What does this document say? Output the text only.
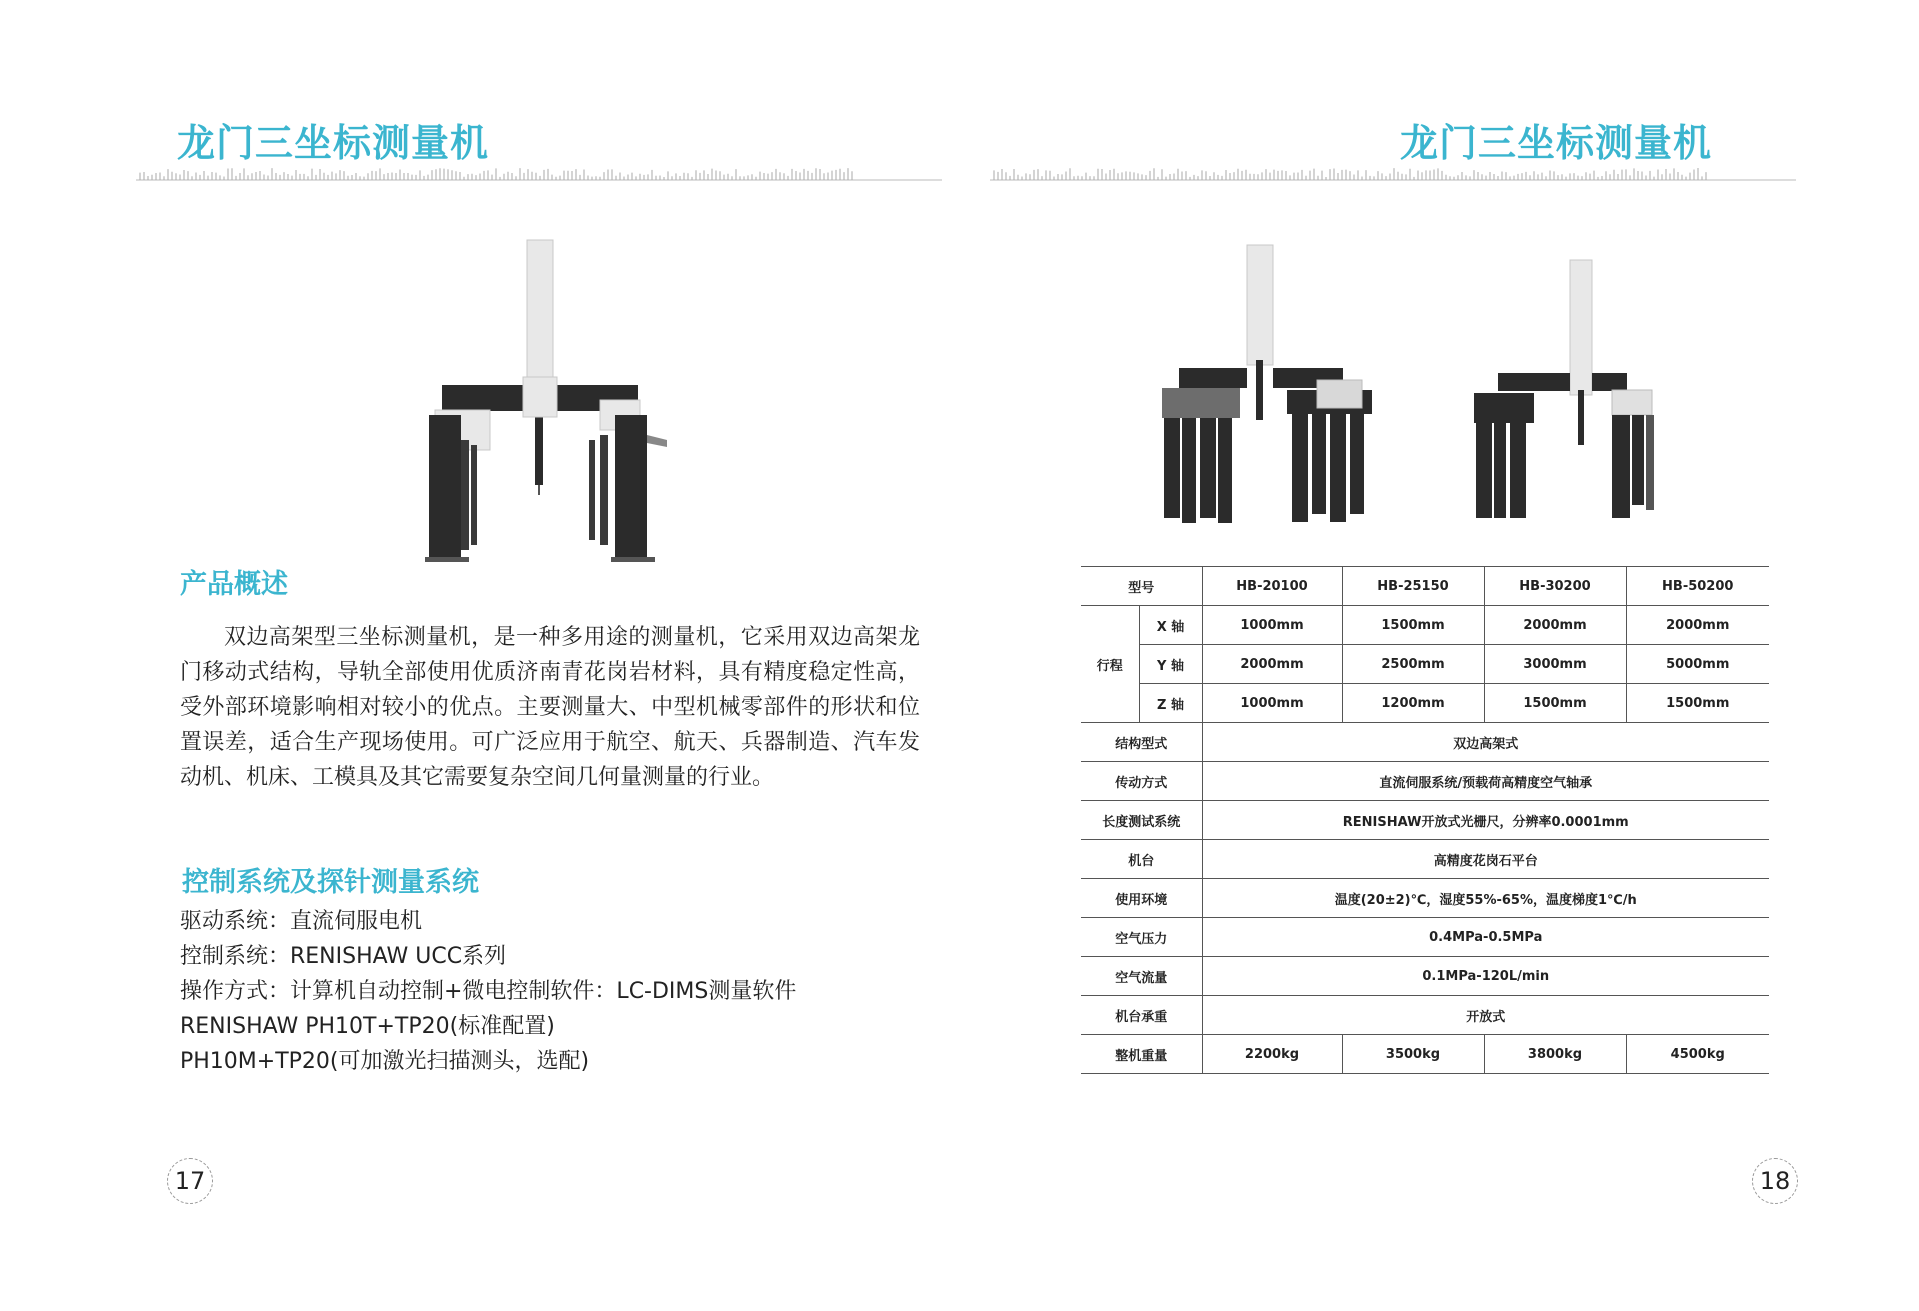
龙门三坐标测量机
产品概述

双边高架型三坐标测量机，是一种多用途的测量机，它采用双边高架龙门移动式结构，导轨全部使用优质济南青花岗岩材料，具有精度稳定性高，受外部环境影响相对较小的优点。主要测量大、中型机械零部件的形状和位置误差，适合生产现场使用。可广泛应用于航空、航天、兵器制造、汽车发动机、机床、工模具及其它需要复杂空间几何量测量的行业。

控制系统及探针测量系统
驱动系统：直流伺服电机
控制系统：RENISHAW UCC系列
操作方式：计算机自动控制+微电控制软件：LC-DIMS测量软件
RENISHAW PH10T+TP20(标准配置)
PH10M+TP20(可加激光扫描测头，选配)
17
龙门三坐标测量机
型号		HB-20100	HB-25150	HB-30200	HB-50200
行程	X 轴	1000mm	1500mm	2000mm	2000mm
	Y 轴	2000mm	2500mm	3000mm	5000mm
	Z 轴	1000mm	1200mm	1500mm	1500mm
结构型式		双边高架式			
传动方式		直流伺服系统/预载荷高精度空气轴承			
长度测试系统		RENISHAW开放式光栅尺，分辨率0.0001mm			
机台		高精度花岗石平台			
使用环境		温度(20±2)℃，湿度55%-65%，温度梯度1℃/h			
空气压力		0.4MPa-0.5MPa			
空气流量		0.1MPa-120L/min			
机台承重		开放式			
整机重量		2200kg	3500kg	3800kg	4500kg
18
